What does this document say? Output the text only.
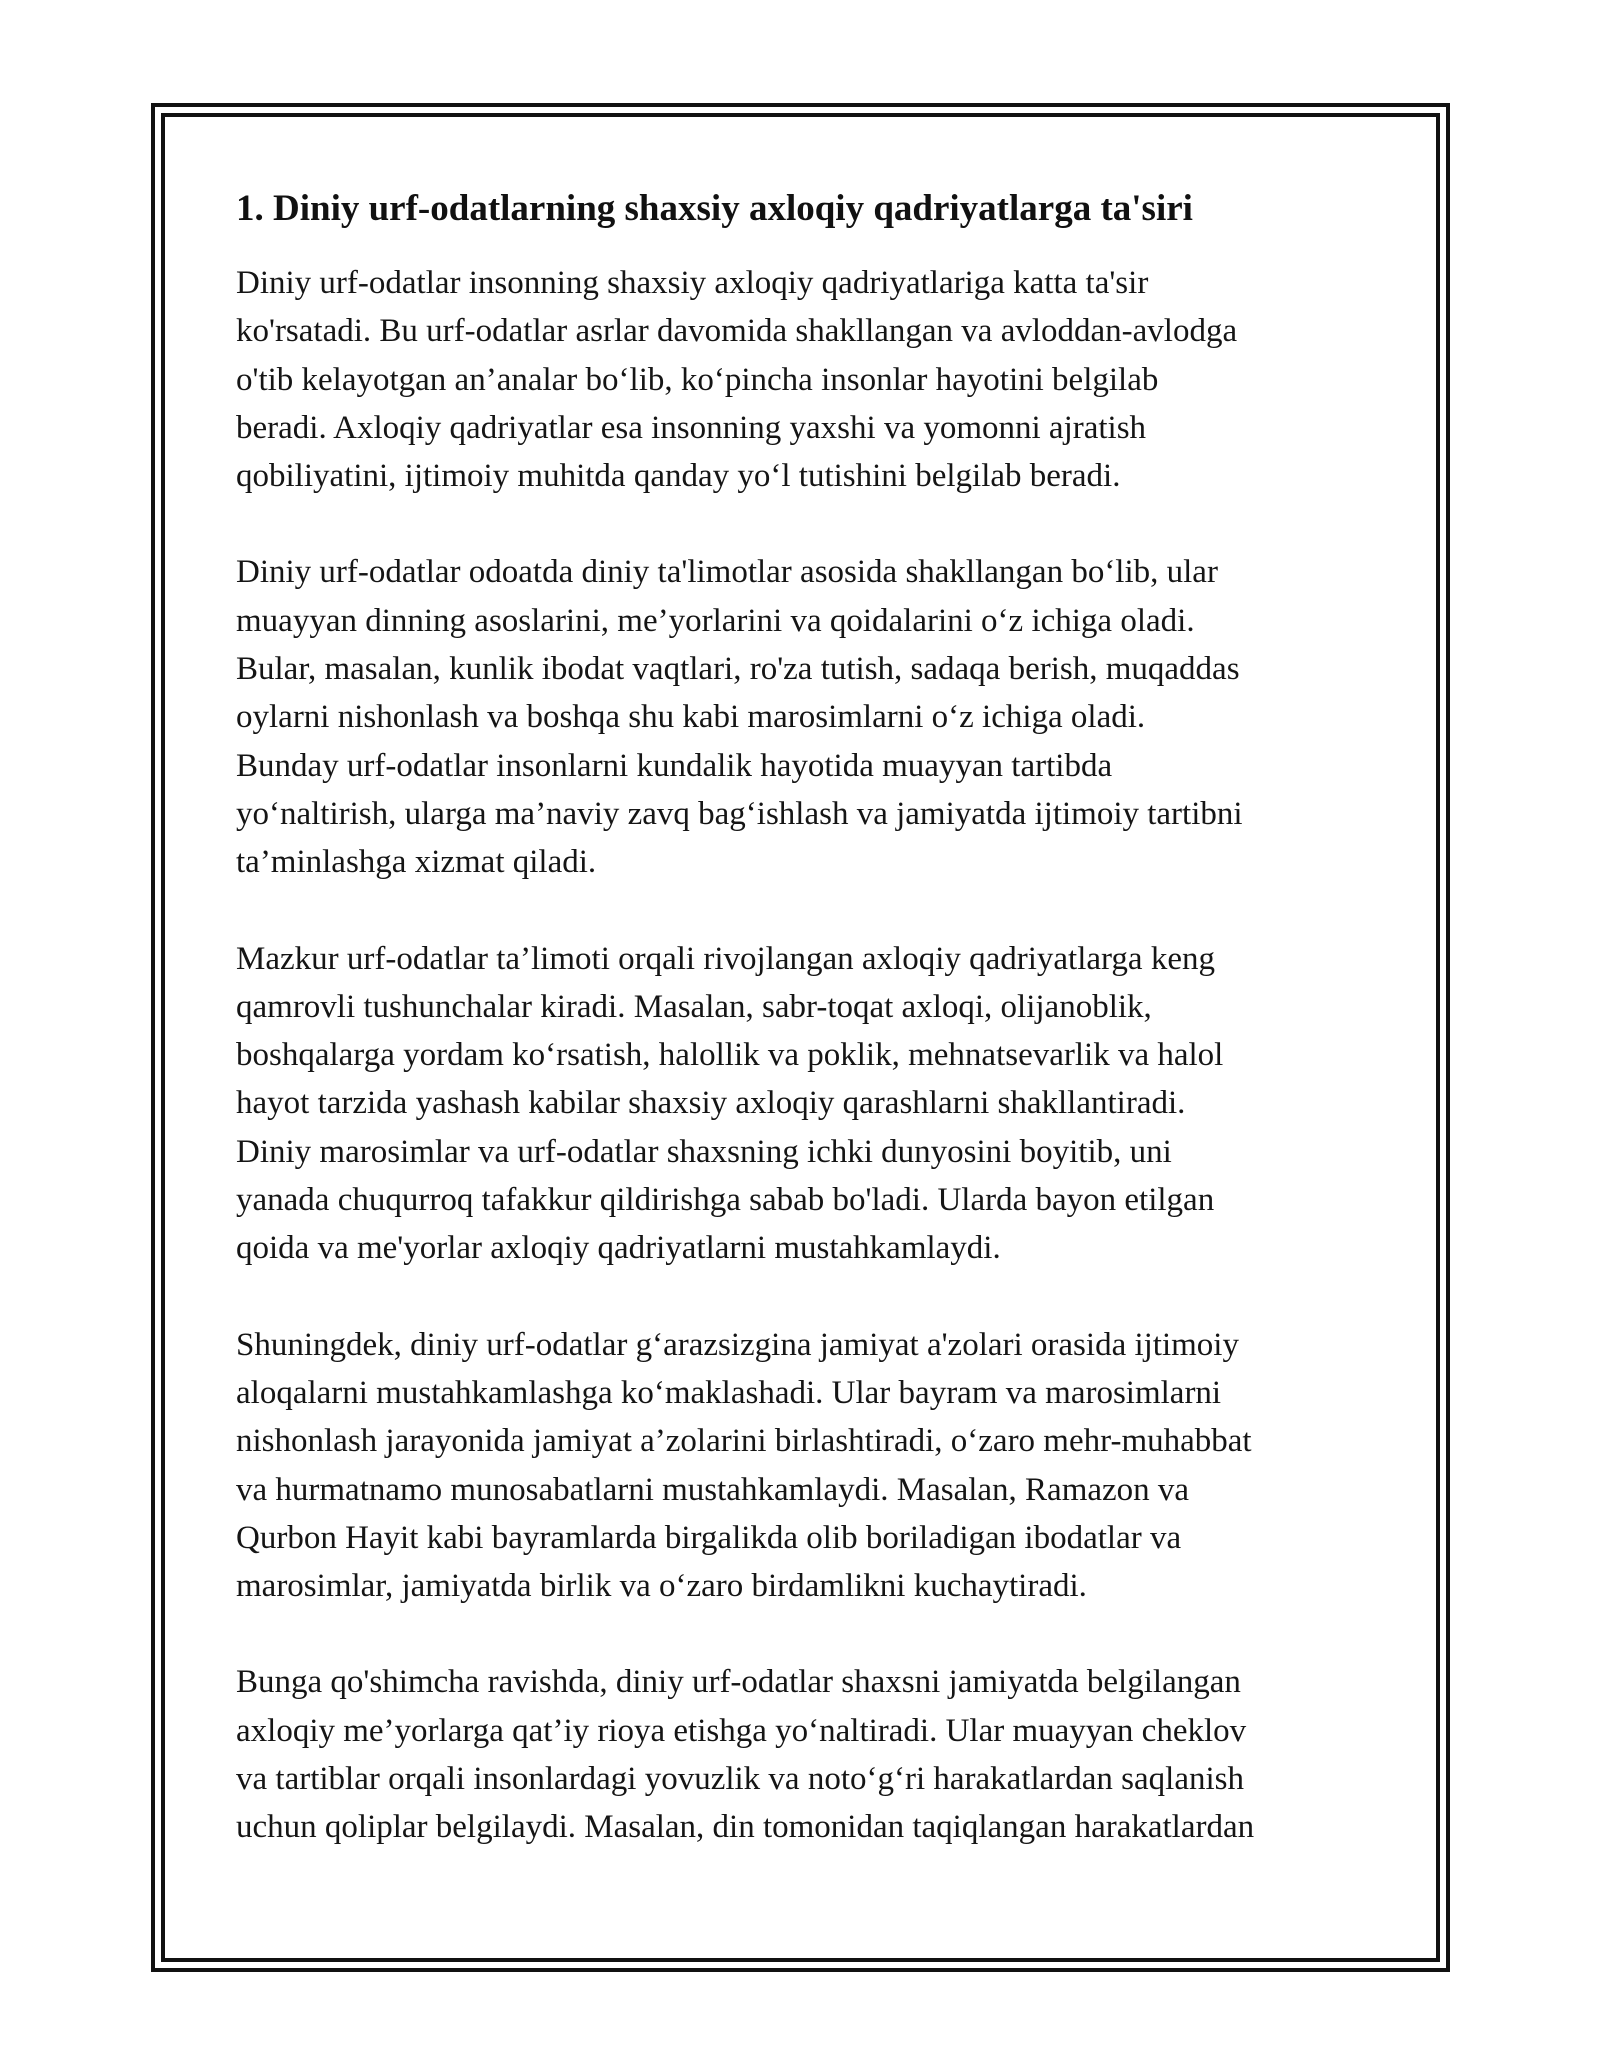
1. Diniy urf-odatlarning shaxsiy axloqiy qadriyatlarga ta'siri
Diniy urf-odatlar insonning shaxsiy axloqiy qadriyatlariga katta ta'sir
ko'rsatadi. Bu urf-odatlar asrlar davomida shakllangan va avloddan-avlodga
o'tib kelayotgan an’analar bo‘lib, ko‘pincha insonlar hayotini belgilab
beradi. Axloqiy qadriyatlar esa insonning yaxshi va yomonni ajratish
qobiliyatini, ijtimoiy muhitda qanday yo‘l tutishini belgilab beradi.
Diniy urf-odatlar odoatda diniy ta'limotlar asosida shakllangan bo‘lib, ular
muayyan dinning asoslarini, me’yorlarini va qoidalarini o‘z ichiga oladi.
Bular, masalan, kunlik ibodat vaqtlari, ro'za tutish, sadaqa berish, muqaddas
oylarni nishonlash va boshqa shu kabi marosimlarni o‘z ichiga oladi.
Bunday urf-odatlar insonlarni kundalik hayotida muayyan tartibda
yo‘naltirish, ularga ma’naviy zavq bag‘ishlash va jamiyatda ijtimoiy tartibni
ta’minlashga xizmat qiladi.
Mazkur urf-odatlar ta’limoti orqali rivojlangan axloqiy qadriyatlarga keng
qamrovli tushunchalar kiradi. Masalan, sabr-toqat axloqi, olijanoblik,
boshqalarga yordam ko‘rsatish, halollik va poklik, mehnatsevarlik va halol
hayot tarzida yashash kabilar shaxsiy axloqiy qarashlarni shakllantiradi.
Diniy marosimlar va urf-odatlar shaxsning ichki dunyosini boyitib, uni
yanada chuqurroq tafakkur qildirishga sabab bo'ladi. Ularda bayon etilgan
qoida va me'yorlar axloqiy qadriyatlarni mustahkamlaydi.
Shuningdek, diniy urf-odatlar g‘arazsizgina jamiyat a'zolari orasida ijtimoiy
aloqalarni mustahkamlashga ko‘maklashadi. Ular bayram va marosimlarni
nishonlash jarayonida jamiyat a’zolarini birlashtiradi, o‘zaro mehr-muhabbat
va hurmatnamo munosabatlarni mustahkamlaydi. Masalan, Ramazon va
Qurbon Hayit kabi bayramlarda birgalikda olib boriladigan ibodatlar va
marosimlar, jamiyatda birlik va o‘zaro birdamlikni kuchaytiradi.
Bunga qo'shimcha ravishda, diniy urf-odatlar shaxsni jamiyatda belgilangan
axloqiy me’yorlarga qat’iy rioya etishga yo‘naltiradi. Ular muayyan cheklov
va tartiblar orqali insonlardagi yovuzlik va noto‘g‘ri harakatlardan saqlanish
uchun qoliplar belgilaydi. Masalan, din tomonidan taqiqlangan harakatlardan
